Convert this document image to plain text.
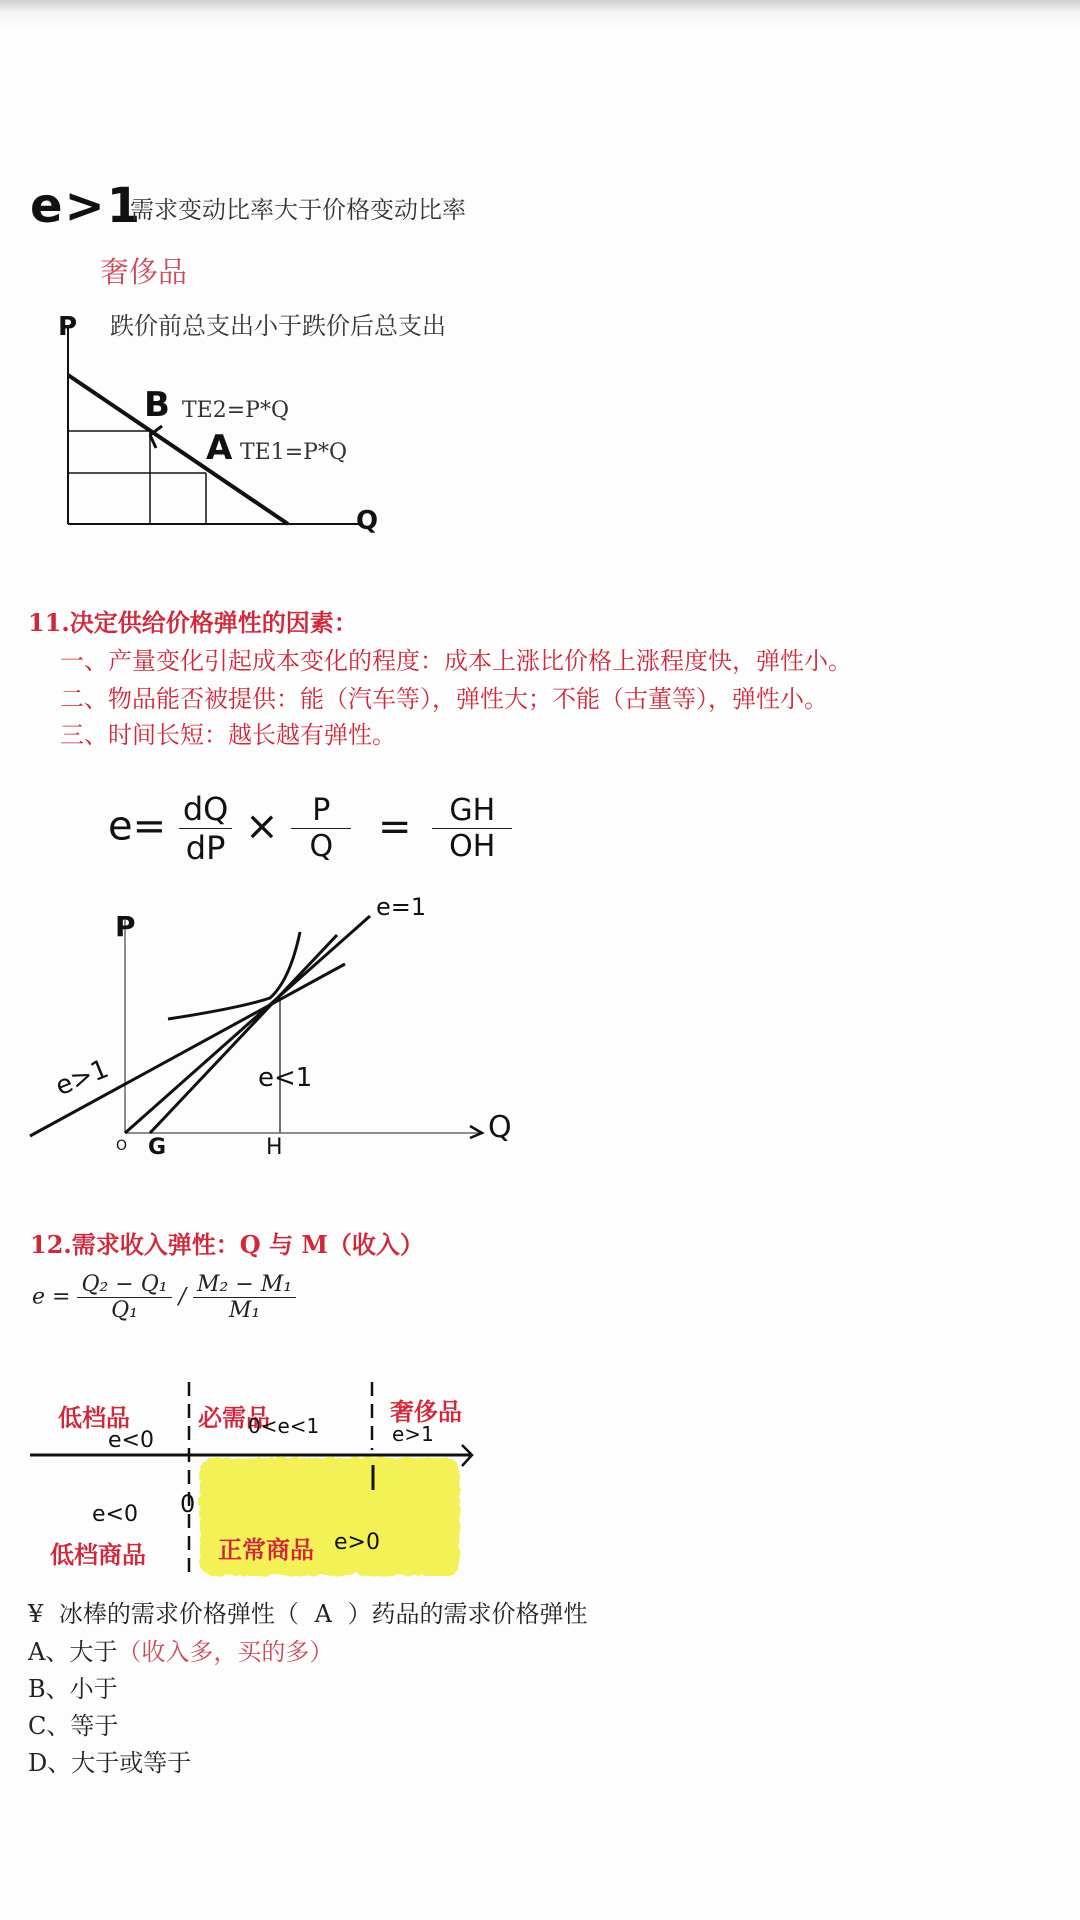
e>1
需求变动比率大于价格变动比率
奢侈品
跌价前总支出小于跌价后总支出
P
Q
B TE2=P*Q
A TE1=P*Q
11.决定供给价格弹性的因素：
一、产量变化引起成本变化的程度：成本上涨比价格上涨程度快，弹性小。
二、物品能否被提供：能（汽车等），弹性大；不能（古董等），弹性小。
三、时间长短：越长越有弹性。
$e= \frac{dQ}{dP} \times \frac{P}{Q} = \frac{GH}{OH}$
P
Q
e=1
e>1	e<1
O G	H
12.需求收入弹性：Q 与 M（收入）
$e = \frac{\text{Q₂ − Q₁}}{\text{Q₁}} / \frac{\text{M₂ − M₁}}{\text{M₁}}$
低档品
e<0
必需品
0<e<1	奢侈品
e>1
0
e<0
低档商品	正常商品 e>0
¥ 冰棒的需求价格弹性（ A ）药品的需求价格弹性
A、大于（收入多，买的多）
B、小于
C、等于
D、大于或等于
